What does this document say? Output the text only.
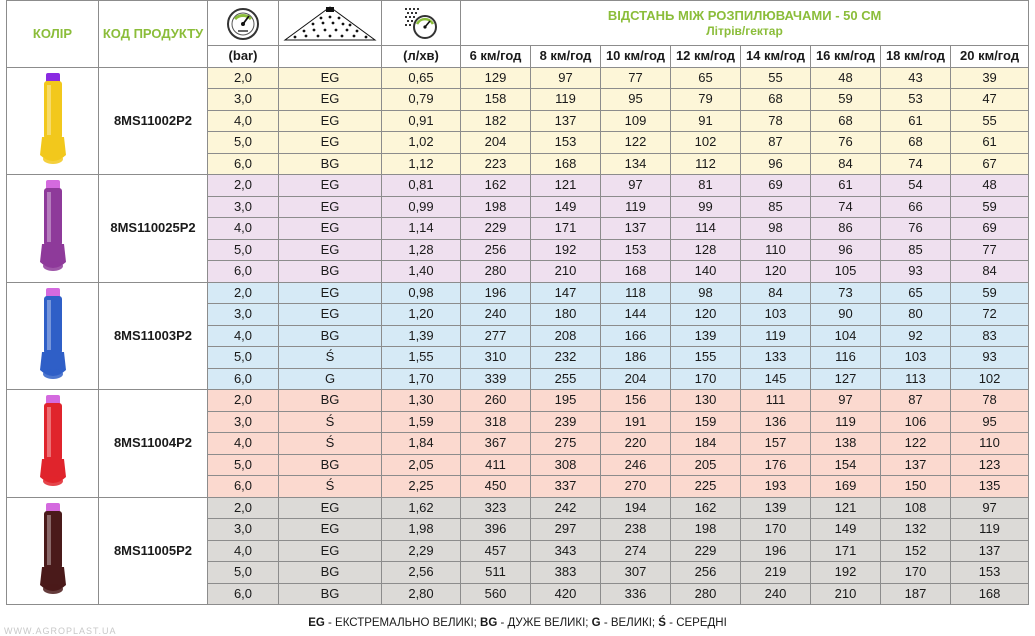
КОЛІР	КОД ПРОДУКТУ				ВІДСТАНЬ МІЖ РОЗПИЛЮВАЧАМИ - 50 СМ
Літрів/гектар							

		(bar)		(л/хв)	6 км/год	8 км/год	10 км/год	12 км/год	14 км/год	16 км/год	18 км/год	20 км/год

	8MS11002P2	2,0	EG	0,65	129	97	77	65	55	48	43	39
		3,0	EG	0,79	158	119	95	79	68	59	53	47
		4,0	EG	0,91	182	137	109	91	78	68	61	55
		5,0	EG	1,02	204	153	122	102	87	76	68	61
		6,0	BG	1,12	223	168	134	112	96	84	74	67

	8MS110025P2	2,0	EG	0,81	162	121	97	81	69	61	54	48
		3,0	EG	0,99	198	149	119	99	85	74	66	59
		4,0	EG	1,14	229	171	137	114	98	86	76	69
		5,0	EG	1,28	256	192	153	128	110	96	85	77
		6,0	BG	1,40	280	210	168	140	120	105	93	84

	8MS11003P2	2,0	EG	0,98	196	147	118	98	84	73	65	59
		3,0	EG	1,20	240	180	144	120	103	90	80	72
		4,0	BG	1,39	277	208	166	139	119	104	92	83
		5,0	Ś	1,55	310	232	186	155	133	116	103	93
		6,0	G	1,70	339	255	204	170	145	127	113	102

	8MS11004P2	2,0	BG	1,30	260	195	156	130	111	97	87	78
		3,0	Ś	1,59	318	239	191	159	136	119	106	95
		4,0	Ś	1,84	367	275	220	184	157	138	122	110
		5,0	BG	2,05	411	308	246	205	176	154	137	123
		6,0	Ś	2,25	450	337	270	225	193	169	150	135

	8MS11005P2	2,0	EG	1,62	323	242	194	162	139	121	108	97
		3,0	EG	1,98	396	297	238	198	170	149	132	119
		4,0	EG	2,29	457	343	274	229	196	171	152	137
		5,0	BG	2,56	511	383	307	256	219	192	170	153
		6,0	BG	2,80	560	420	336	280	240	210	187	168
EG - ЕКСТРЕМАЛЬНО ВЕЛИКІ; BG - ДУЖЕ ВЕЛИКІ; G - ВЕЛИКІ; Ś - СЕРЕДНІ
WWW.AGROPLAST.UA
